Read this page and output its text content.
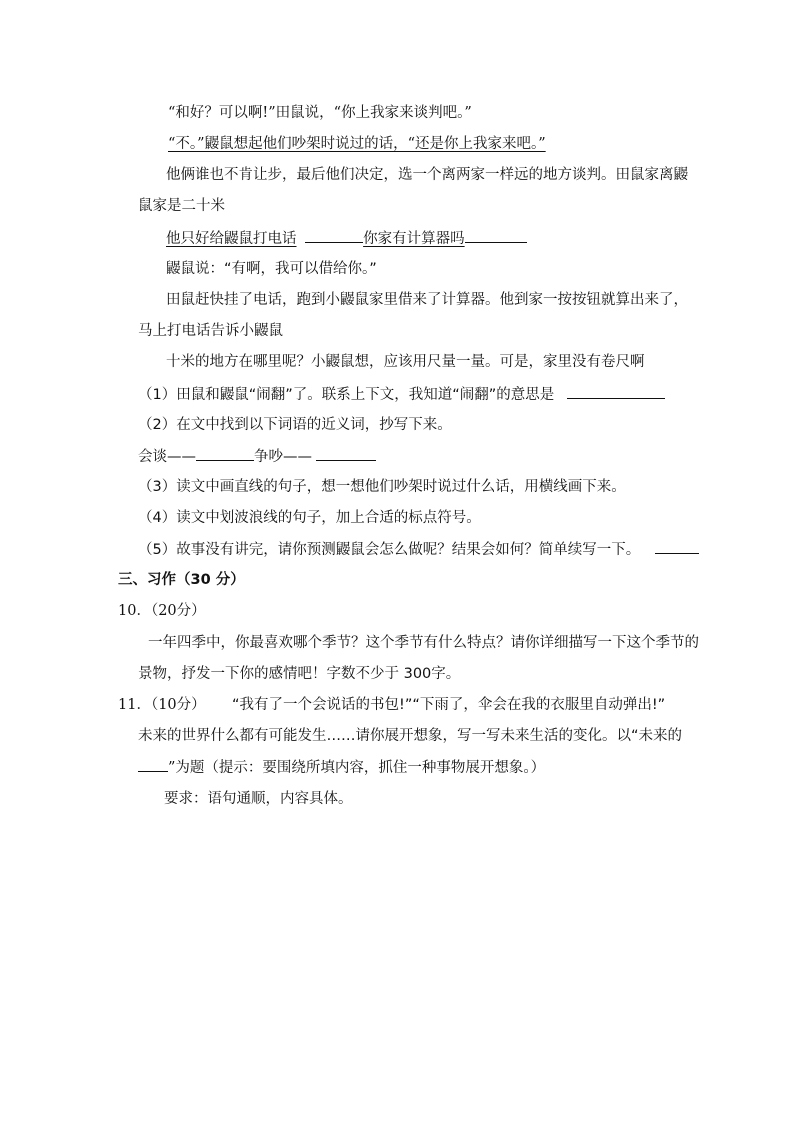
“和好？可以啊!”田鼠说，“你上我家来谈判吧。”
“不。”鼹鼠想起他们吵架时说过的话，“还是你上我家来吧。”
他俩谁也不肯让步，最后他们决定，选一个离两家一样远的地方谈判。田鼠家离鼹
鼠家是二十米
他只好给鼹鼠打电话	你家有计算器吗
鼹鼠说：“有啊，我可以借给你。”
田鼠赶快挂了电话，跑到小鼹鼠家里借来了计算器。他到家一按按钮就算出来了，
马上打电话告诉小鼹鼠
十米的地方在哪里呢？小鼹鼠想，应该用尺量一量。可是，家里没有卷尺啊
（1）田鼠和鼹鼠“闹翻”了。联系上下文，我知道“闹翻”的意思是
（2）在文中找到以下词语的近义词，抄写下来。
会谈——	争吵——
（3）读文中画直线的句子，想一想他们吵架时说过什么话，用横线画下来。
（4）读文中划波浪线的句子，加上合适的标点符号。
（5）故事没有讲完，请你预测鼹鼠会怎么做呢？结果会如何？简单续写一下。
三、习作（30 分）
10．（20分）
一年四季中，你最喜欢哪个季节？这个季节有什么特点？请你详细描写一下这个季节的
景物，抒发一下你的感情吧！字数不少于 300字。
11．（10分） “我有了一个会说话的书包!”“下雨了，伞会在我的衣服里自动弹出!”
未来的世界什么都有可能发生……请你展开想象，写一写未来生活的变化。以“未来的
”为题（提示：要围绕所填内容，抓住一种事物展开想象。）
要求：语句通顺，内容具体。
